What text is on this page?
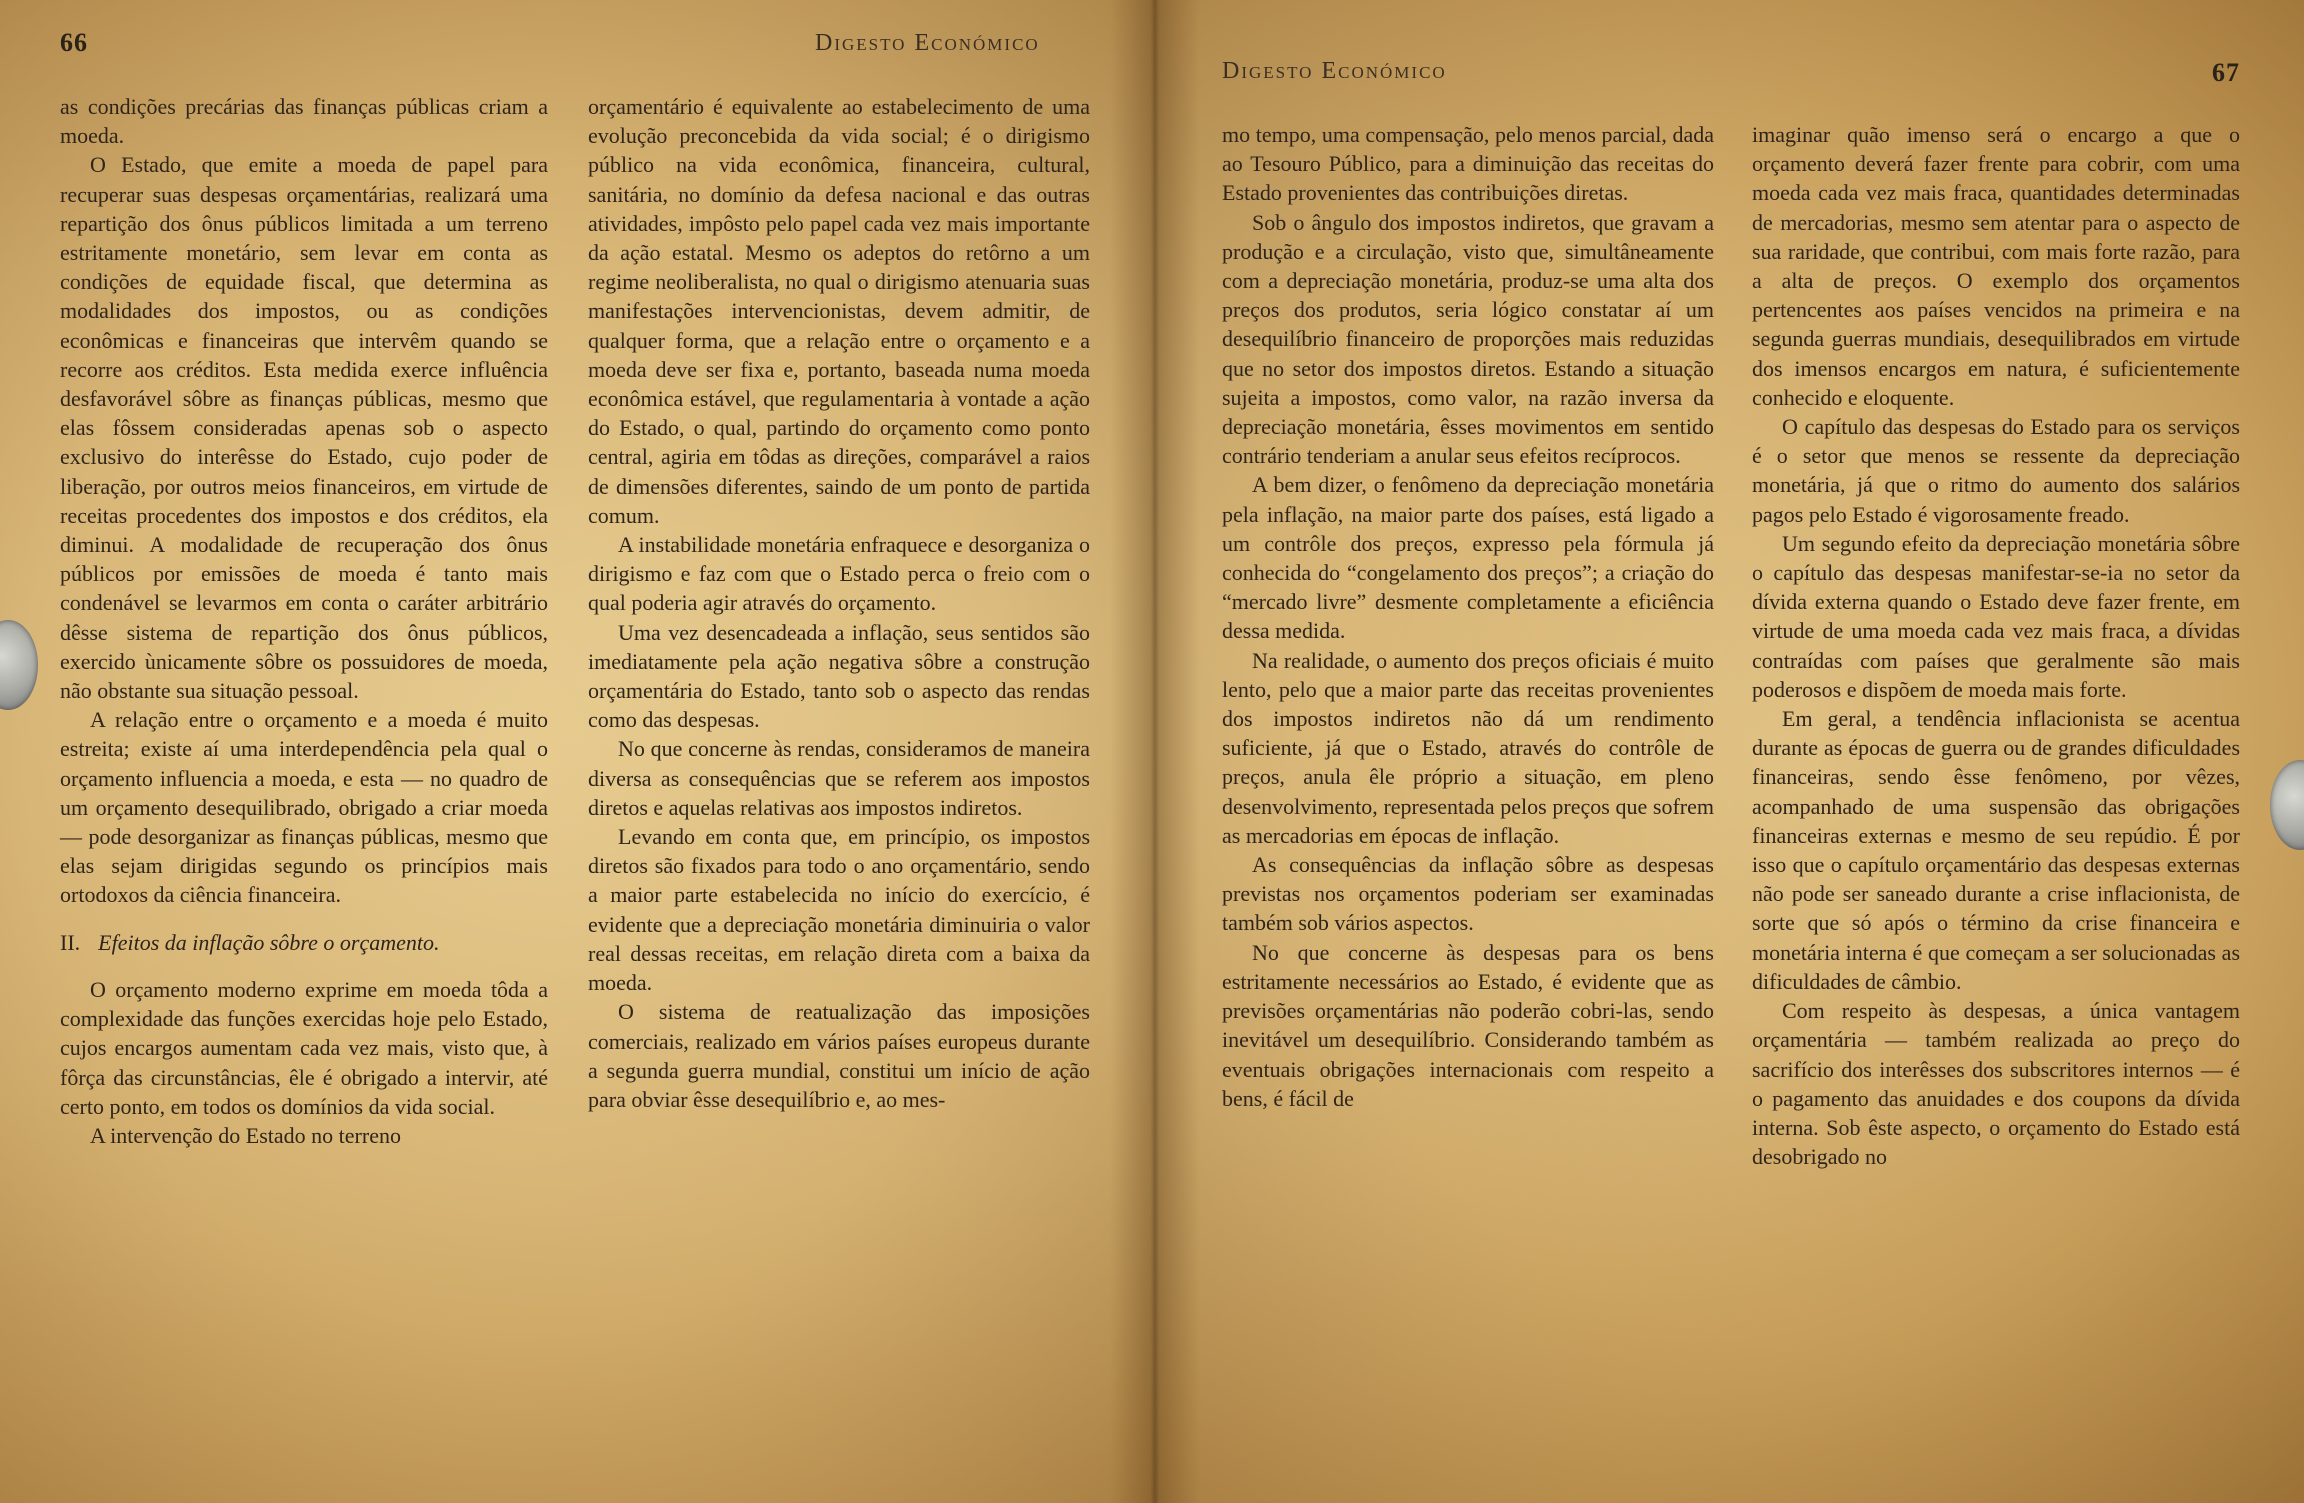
66	Digesto Económico

as condições precárias das finanças públicas criam a moeda.

O Estado, que emite a moeda de papel para recuperar suas despesas orçamentárias, realizará uma repartição dos ônus públicos limitada a um terreno estritamente monetário, sem levar em conta as condições de equidade fiscal, que determina as modalidades dos impostos, ou as condições econômicas e financeiras que intervêm quando se recorre aos créditos. Esta medida exerce influência desfavorável sôbre as finanças públicas, mesmo que elas fôssem consideradas apenas sob o aspecto exclusivo do interêsse do Estado, cujo poder de liberação, por outros meios financeiros, em virtude de receitas procedentes dos impostos e dos créditos, ela diminui. A modalidade de recuperação dos ônus públicos por emissões de moeda é tanto mais condenável se levarmos em conta o caráter arbitrário dêsse sistema de repartição dos ônus públicos, exercido ùnicamente sôbre os possuidores de moeda, não obstante sua situação pessoal.

A relação entre o orçamento e a moeda é muito estreita; existe aí uma interdependência pela qual o orçamento influencia a moeda, e esta — no quadro de um orçamento desequilibrado, obrigado a criar moeda — pode desorganizar as finanças públicas, mesmo que elas sejam dirigidas segundo os princípios mais ortodoxos da ciência financeira.

II. Efeitos da inflação sôbre o orçamento.

O orçamento moderno exprime em moeda tôda a complexidade das funções exercidas hoje pelo Estado, cujos encargos aumentam cada vez mais, visto que, à fôrça das circunstâncias, êle é obrigado a intervir, até certo ponto, em todos os domínios da vida social.

A intervenção do Estado no terreno

orçamentário é equivalente ao estabelecimento de uma evolução preconcebida da vida social; é o dirigismo público na vida econômica, financeira, cultural, sanitária, no domínio da defesa nacional e das outras atividades, impôsto pelo papel cada vez mais importante da ação estatal. Mesmo os adeptos do retôrno a um regime neoliberalista, no qual o dirigismo atenuaria suas manifestações intervencionistas, devem admitir, de qualquer forma, que a relação entre o orçamento e a moeda deve ser fixa e, portanto, baseada numa moeda econômica estável, que regulamentaria à vontade a ação do Estado, o qual, partindo do orçamento como ponto central, agiria em tôdas as direções, comparável a raios de dimensões diferentes, saindo de um ponto de partida comum.

A instabilidade monetária enfraquece e desorganiza o dirigismo e faz com que o Estado perca o freio com o qual poderia agir através do orçamento.

Uma vez desencadeada a inflação, seus sentidos são imediatamente pela ação negativa sôbre a construção orçamentária do Estado, tanto sob o aspecto das rendas como das despesas.

No que concerne às rendas, consideramos de maneira diversa as consequências que se referem aos impostos diretos e aquelas relativas aos impostos indiretos.

Levando em conta que, em princípio, os impostos diretos são fixados para todo o ano orçamentário, sendo a maior parte estabelecida no início do exercício, é evidente que a depreciação monetária diminuiria o valor real dessas receitas, em relação direta com a baixa da moeda.

O sistema de reatualização das imposições comerciais, realizado em vários países europeus durante a segunda guerra mundial, constitui um início de ação para obviar êsse desequilíbrio e, ao mes-

Digesto Económico	67

mo tempo, uma compensação, pelo menos parcial, dada ao Tesouro Público, para a diminuição das receitas do Estado provenientes das contribuições diretas.

Sob o ângulo dos impostos indiretos, que gravam a produção e a circulação, visto que, simultâneamente com a depreciação monetária, produz-se uma alta dos preços dos produtos, seria lógico constatar aí um desequilíbrio financeiro de proporções mais reduzidas que no setor dos impostos diretos. Estando a situação sujeita a impostos, como valor, na razão inversa da depreciação monetária, êsses movimentos em sentido contrário tenderiam a anular seus efeitos recíprocos.

A bem dizer, o fenômeno da depreciação monetária pela inflação, na maior parte dos países, está ligado a um contrôle dos preços, expresso pela fórmula já conhecida do “congelamento dos preços”; a criação do “mercado livre” desmente completamente a eficiência dessa medida.

Na realidade, o aumento dos preços oficiais é muito lento, pelo que a maior parte das receitas provenientes dos impostos indiretos não dá um rendimento suficiente, já que o Estado, através do contrôle de preços, anula êle próprio a situação, em pleno desenvolvimento, representada pelos preços que sofrem as mercadorias em épocas de inflação.

As consequências da inflação sôbre as despesas previstas nos orçamentos poderiam ser examinadas também sob vários aspectos.

No que concerne às despesas para os bens estritamente necessários ao Estado, é evidente que as previsões orçamentárias não poderão cobri-las, sendo inevitável um desequilíbrio. Considerando também as eventuais obrigações internacionais com respeito a bens, é fácil de

imaginar quão imenso será o encargo a que o orçamento deverá fazer frente para cobrir, com uma moeda cada vez mais fraca, quantidades determinadas de mercadorias, mesmo sem atentar para o aspecto de sua raridade, que contribui, com mais forte razão, para a alta de preços. O exemplo dos orçamentos pertencentes aos países vencidos na primeira e na segunda guerras mundiais, desequilibrados em virtude dos imensos encargos em natura, é suficientemente conhecido e eloquente.

O capítulo das despesas do Estado para os serviços é o setor que menos se ressente da depreciação monetária, já que o ritmo do aumento dos salários pagos pelo Estado é vigorosamente freado.

Um segundo efeito da depreciação monetária sôbre o capítulo das despesas manifestar-se-ia no setor da dívida externa quando o Estado deve fazer frente, em virtude de uma moeda cada vez mais fraca, a dívidas contraídas com países que geralmente são mais poderosos e dispõem de moeda mais forte.

Em geral, a tendência inflacionista se acentua durante as épocas de guerra ou de grandes dificuldades financeiras, sendo êsse fenômeno, por vêzes, acompanhado de uma suspensão das obrigações financeiras externas e mesmo de seu repúdio. É por isso que o capítulo orçamentário das despesas externas não pode ser saneado durante a crise inflacionista, de sorte que só após o término da crise financeira e monetária interna é que começam a ser solucionadas as dificuldades de câmbio.

Com respeito às despesas, a única vantagem orçamentária — também realizada ao preço do sacrifício dos interêsses dos subscritores internos — é o pagamento das anuidades e dos coupons da dívida interna. Sob êste aspecto, o orçamento do Estado está desobrigado no
